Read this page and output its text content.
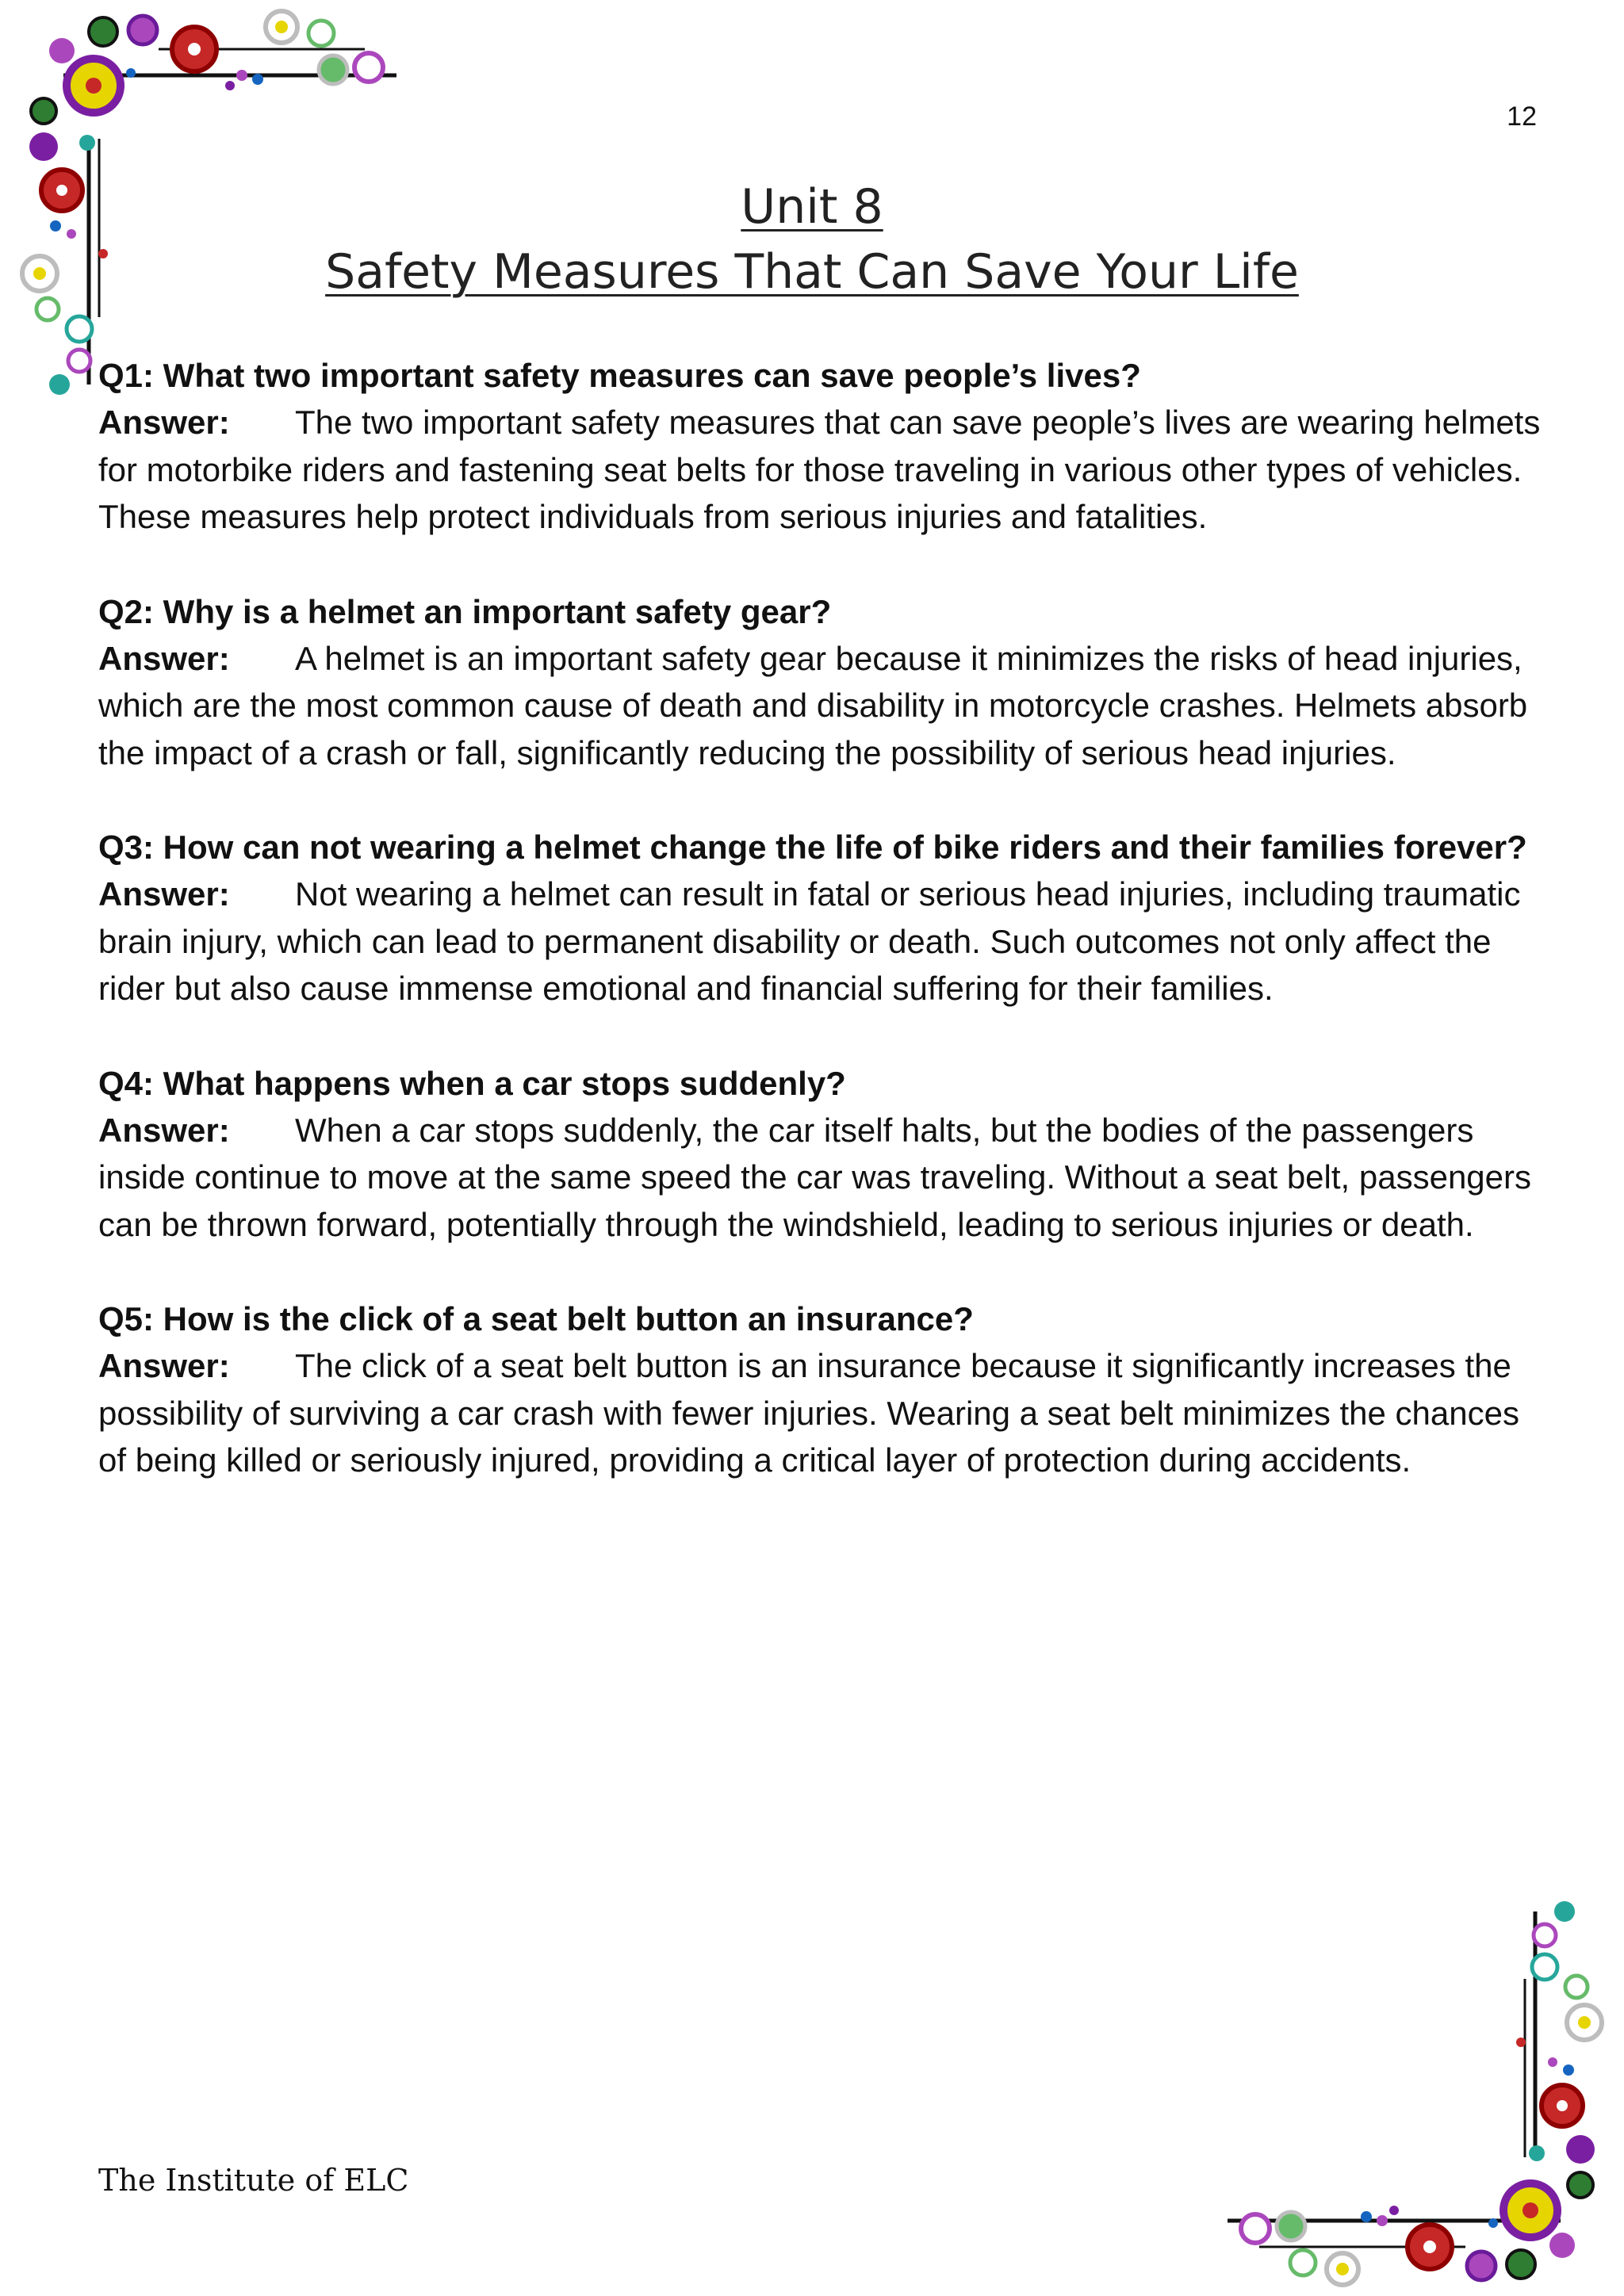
12
Unit 8
Safety Measures That Can Save Your Life

Q1: What two important safety measures can save people’s lives?

Answer: The two important safety measures that can save people’s lives are wearing helmets for motorbike riders and fastening seat belts for those traveling in various other types of vehicles. These measures help protect individuals from serious injuries and fatalities.

Q2: Why is a helmet an important safety gear?

Answer: A helmet is an important safety gear because it minimizes the risks of head injuries, which are the most common cause of death and disability in motorcycle crashes. Helmets absorb the impact of a crash or fall, significantly reducing the possibility of serious head injuries.

Q3: How can not wearing a helmet change the life of bike riders and their families forever?

Answer: Not wearing a helmet can result in fatal or serious head injuries, including traumatic brain injury, which can lead to permanent disability or death. Such outcomes not only affect the rider but also cause immense emotional and financial suffering for their families.

Q4: What happens when a car stops suddenly?

Answer: When a car stops suddenly, the car itself halts, but the bodies of the passengers inside continue to move at the same speed the car was traveling. Without a seat belt, passengers can be thrown forward, potentially through the windshield, leading to serious injuries or death.

Q5: How is the click of a seat belt button an insurance?

Answer: The click of a seat belt button is an insurance because it significantly increases the possibility of surviving a car crash with fewer injuries. Wearing a seat belt minimizes the chances of being killed or seriously injured, providing a critical layer of protection during accidents.

The Institute of ELC
